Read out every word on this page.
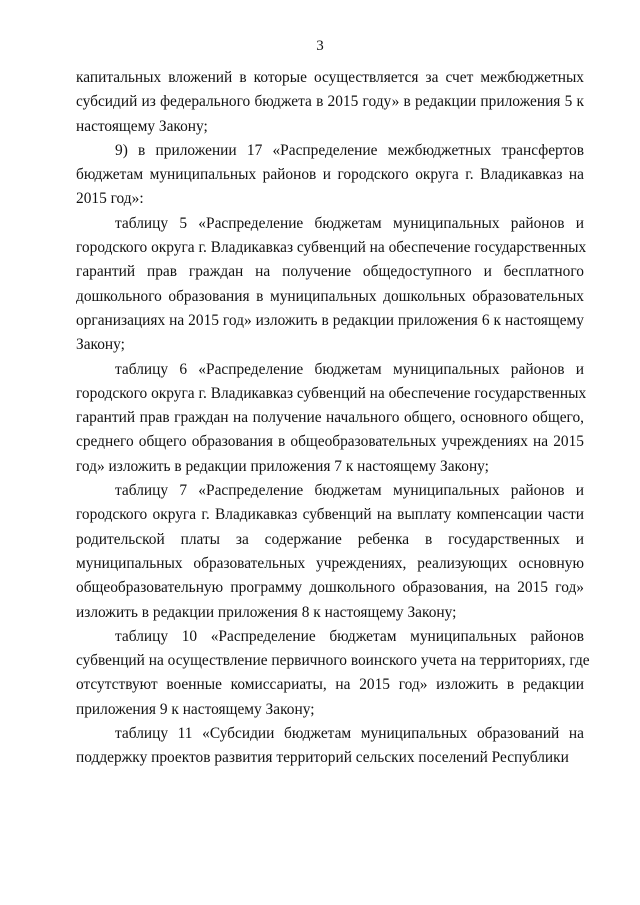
3
капитальных вложений в которые осуществляется за счет межбюджетных
субсидий из федерального бюджета в 2015 году» в редакции приложения 5 к
настоящему Закону;
9) в приложении 17 «Распределение межбюджетных трансфертов
бюджетам муниципальных районов и городского округа г. Владикавказ на
2015 год»:
таблицу 5 «Распределение бюджетам муниципальных районов и
городского округа г. Владикавказ субвенций на обеспечение государственных
гарантий прав граждан на получение общедоступного и бесплатного
дошкольного образования в муниципальных дошкольных образовательных
организациях на 2015 год» изложить в редакции приложения 6 к настоящему
Закону;
таблицу 6 «Распределение бюджетам муниципальных районов и
городского округа г. Владикавказ субвенций на обеспечение государственных
гарантий прав граждан на получение начального общего, основного общего,
среднего общего образования в общеобразовательных учреждениях на 2015
год» изложить в редакции приложения 7 к настоящему Закону;
таблицу 7 «Распределение бюджетам муниципальных районов и
городского округа г. Владикавказ субвенций на выплату компенсации части
родительской платы за содержание ребенка в государственных и
муниципальных образовательных учреждениях, реализующих основную
общеобразовательную программу дошкольного образования, на 2015 год»
изложить в редакции приложения 8 к настоящему Закону;
таблицу 10 «Распределение бюджетам муниципальных районов
субвенций на осуществление первичного воинского учета на территориях, где
отсутствуют военные комиссариаты, на 2015 год» изложить в редакции
приложения 9 к настоящему Закону;
таблицу 11 «Субсидии бюджетам муниципальных образований на
поддержку проектов развития территорий сельских поселений Республики
